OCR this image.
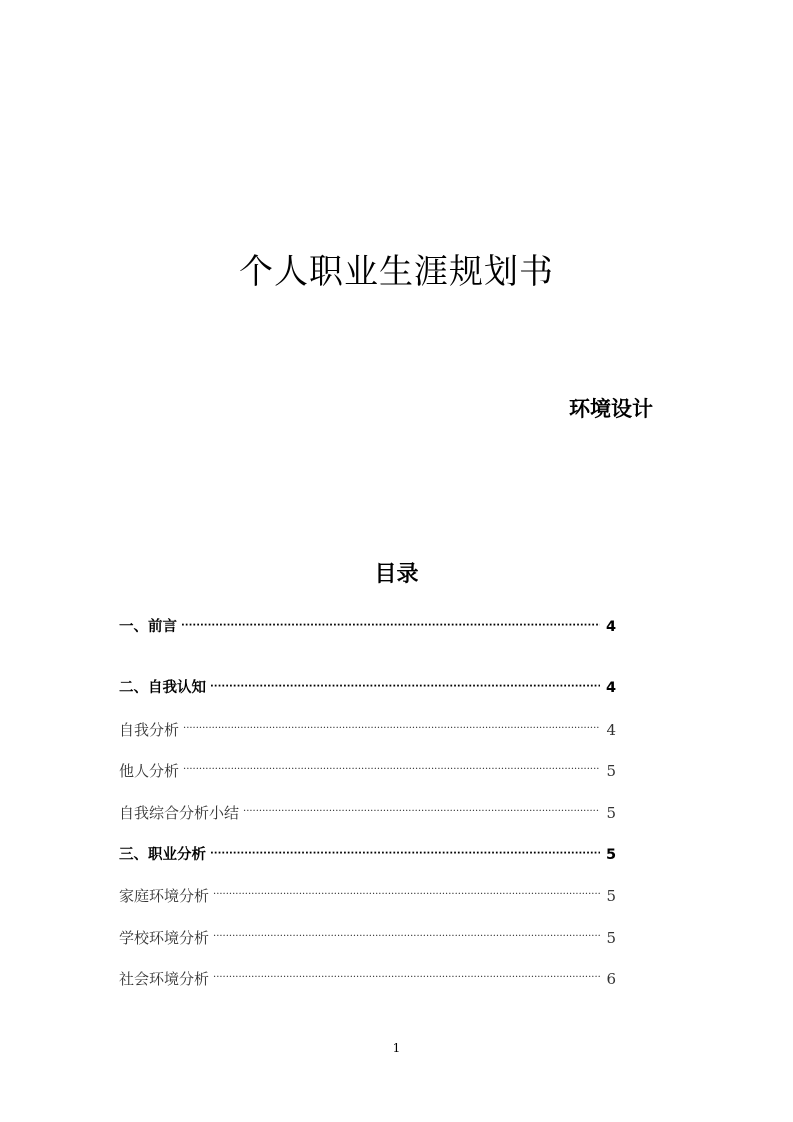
个人职业生涯规划书
环境设计
目录
一、前言 ·····	4
二、自我认知 ·····	4
自我分析 ·····	4
他人分析 ·····	5
自我综合分析小结 ·····	5
三、职业分析 ·····	5
家庭环境分析 ·····	5
学校环境分析 ·····	5
社会环境分析 ·····	6
1
